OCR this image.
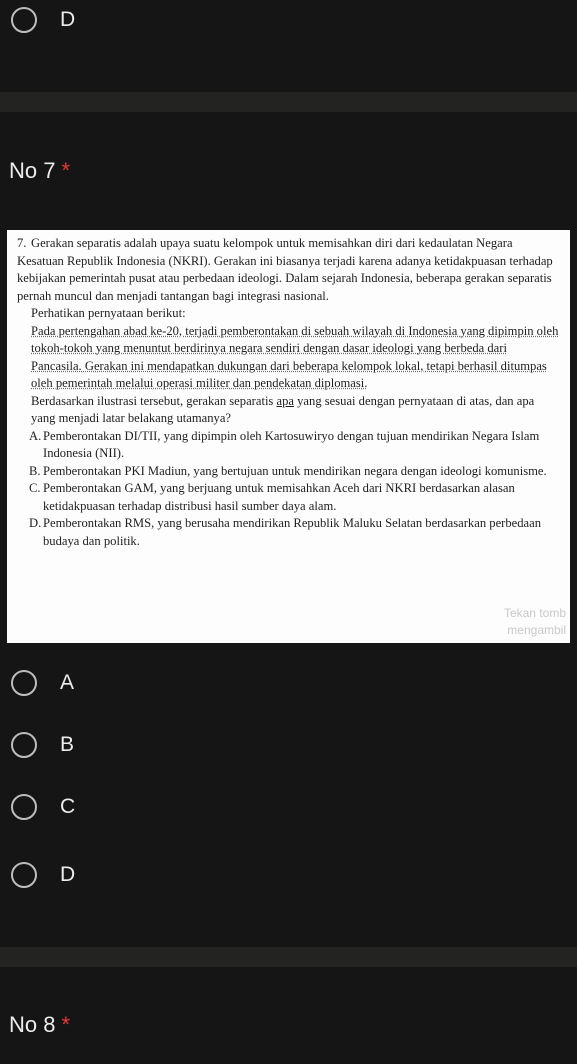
D
No 7 *

7. Gerakan separatis adalah upaya suatu kelompok untuk memisahkan diri dari kedaulatan Negara Kesatuan Republik Indonesia (NKRI). Gerakan ini biasanya terjadi karena adanya ketidakpuasan terhadap kebijakan pemerintah pusat atau perbedaan ideologi. Dalam sejarah Indonesia, beberapa gerakan separatis pernah muncul dan menjadi tantangan bagi integrasi nasional.

Perhatikan pernyataan berikut:

Pada pertengahan abad ke-20, terjadi pemberontakan di sebuah wilayah di Indonesia yang dipimpin oleh tokoh-tokoh yang menuntut berdirinya negara sendiri dengan dasar ideologi yang berbeda dari Pancasila. Gerakan ini mendapatkan dukungan dari beberapa kelompok lokal, tetapi berhasil ditumpas oleh pemerintah melalui operasi militer dan pendekatan diplomasi.

Berdasarkan ilustrasi tersebut, gerakan separatis apa yang sesuai dengan pernyataan di atas, dan apa yang menjadi latar belakang utamanya?

A. Pemberontakan DI/TII, yang dipimpin oleh Kartosuwiryo dengan tujuan mendirikan Negara Islam Indonesia (NII).

B. Pemberontakan PKI Madiun, yang bertujuan untuk mendirikan negara dengan ideologi komunisme.

C. Pemberontakan GAM, yang berjuang untuk memisahkan Aceh dari NKRI berdasarkan alasan ketidakpuasan terhadap distribusi hasil sumber daya alam.

D. Pemberontakan RMS, yang berusaha mendirikan Republik Maluku Selatan berdasarkan perbedaan budaya dan politik.

Tekan tomb
mengambil
A
B
C
D
No 8 *
